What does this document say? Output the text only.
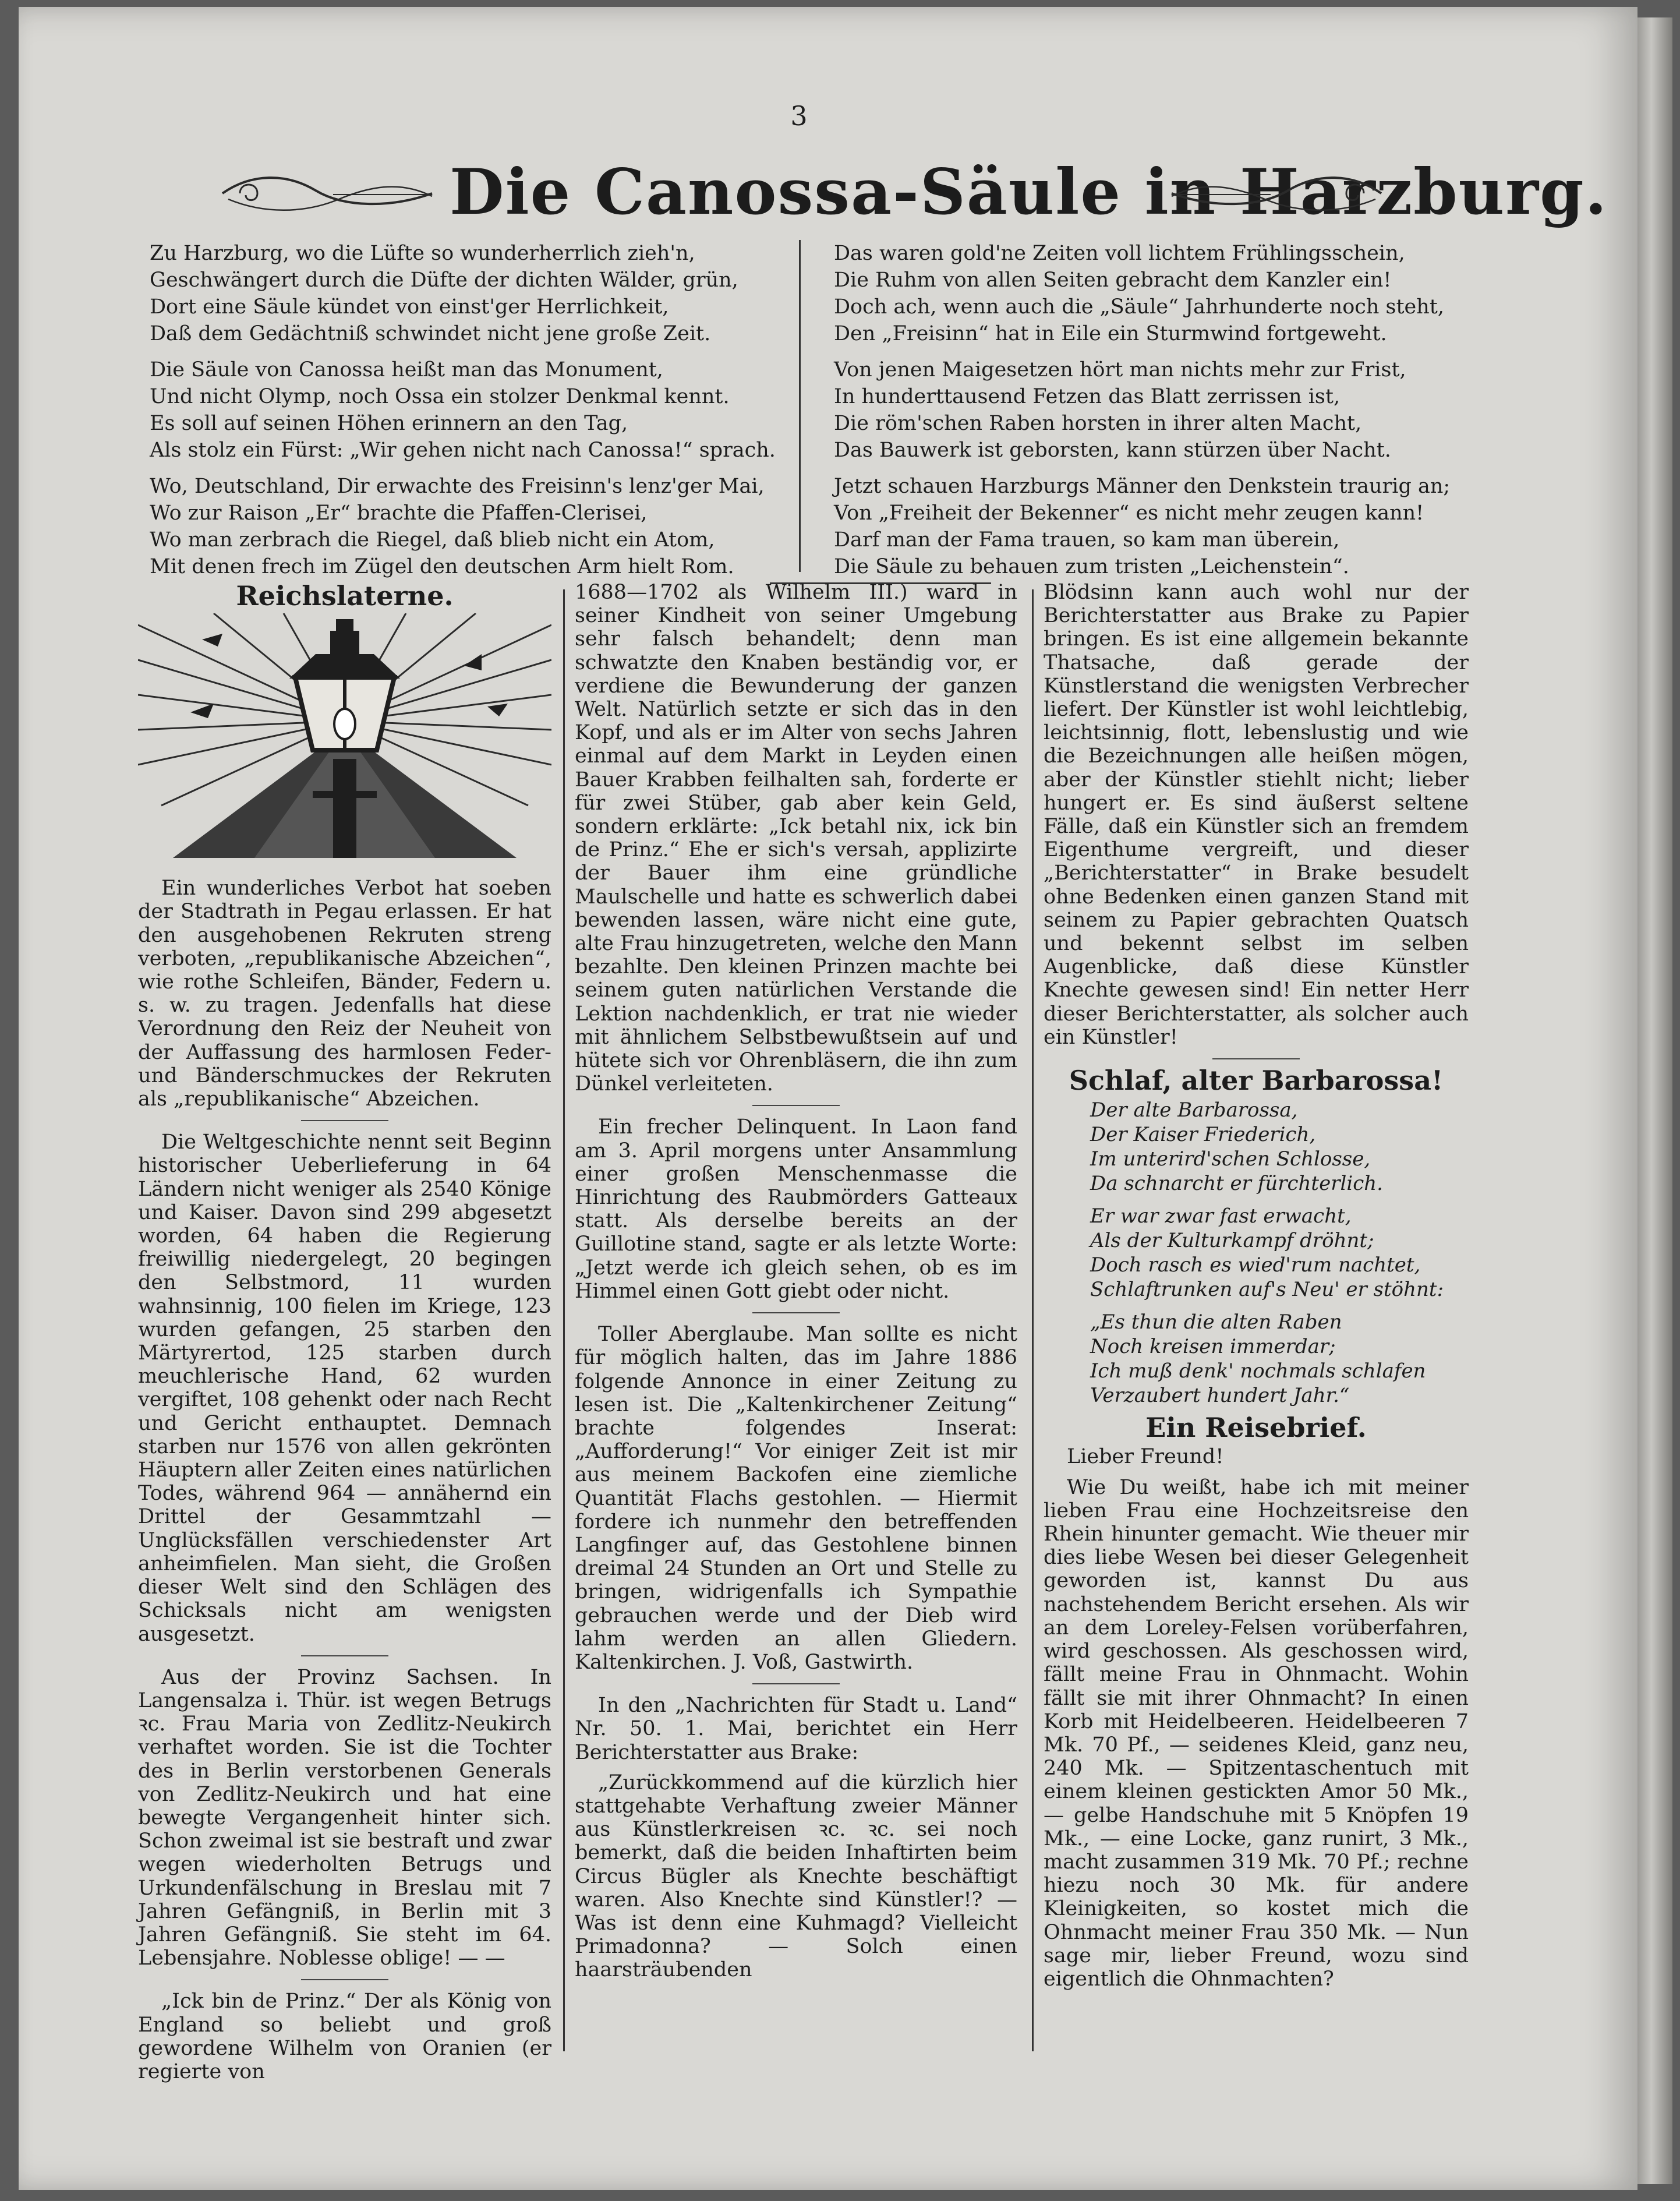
3
Die Canossa-Säule in Harzburg.
Zu Harzburg, wo die Lüfte so wunderherrlich zieh'n,
Geschwängert durch die Düfte der dichten Wälder, grün,
Dort eine Säule kündet von einst'ger Herrlichkeit,
Daß dem Gedächtniß schwindet nicht jene große Zeit.
Die Säule von Canossa heißt man das Monument,
Und nicht Olymp, noch Ossa ein stolzer Denkmal kennt.
Es soll auf seinen Höhen erinnern an den Tag,
Als stolz ein Fürst: „Wir gehen nicht nach Canossa!“ sprach.
Wo, Deutschland, Dir erwachte des Freisinn's lenz'ger Mai,
Wo zur Raison „Er“ brachte die Pfaffen-Clerisei,
Wo man zerbrach die Riegel, daß blieb nicht ein Atom,
Mit denen frech im Zügel den deutschen Arm hielt Rom.
Das waren gold'ne Zeiten voll lichtem Frühlingsschein,
Die Ruhm von allen Seiten gebracht dem Kanzler ein!
Doch ach, wenn auch die „Säule“ Jahrhunderte noch steht,
Den „Freisinn“ hat in Eile ein Sturmwind fortgeweht.
Von jenen Maigesetzen hört man nichts mehr zur Frist,
In hunderttausend Fetzen das Blatt zerrissen ist,
Die röm'schen Raben horsten in ihrer alten Macht,
Das Bauwerk ist geborsten, kann stürzen über Nacht.
Jetzt schauen Harzburgs Männer den Denkstein traurig an;
Von „Freiheit der Bekenner“ es nicht mehr zeugen kann!
Darf man der Fama trauen, so kam man überein,
Die Säule zu behauen zum tristen „Leichenstein“.
Reichslaterne.

Ein wunderliches Verbot hat soeben der Stadtrath in Pegau erlassen. Er hat den ausgehobenen Rekruten streng verboten, „republikanische Abzeichen“, wie rothe Schleifen, Bänder, Federn u. s. w. zu tragen. Jedenfalls hat diese Verordnung den Reiz der Neuheit von der Auffassung des harmlosen Feder- und Bänderschmuckes der Rekruten als „republikanische“ Abzeichen.

Die Weltgeschichte nennt seit Beginn historischer Ueberlieferung in 64 Ländern nicht weniger als 2540 Könige und Kaiser. Davon sind 299 abgesetzt worden, 64 haben die Regierung freiwillig niedergelegt, 20 begingen den Selbstmord, 11 wurden wahnsinnig, 100 fielen im Kriege, 123 wurden gefangen, 25 starben den Märtyrertod, 125 starben durch meuchlerische Hand, 62 wurden vergiftet, 108 gehenkt oder nach Recht und Gericht enthauptet. Demnach starben nur 1576 von allen gekrönten Häuptern aller Zeiten eines natürlichen Todes, während 964 — annähernd ein Drittel der Gesammtzahl — Unglücksfällen verschiedenster Art anheimfielen. Man sieht, die Großen dieser Welt sind den Schlägen des Schicksals nicht am wenigsten ausgesetzt.

Aus der Provinz Sachsen. In Langensalza i. Thür. ist wegen Betrugs ꝛc. Frau Maria von Zedlitz-Neukirch verhaftet worden. Sie ist die Tochter des in Berlin verstorbenen Generals von Zedlitz-Neukirch und hat eine bewegte Vergangenheit hinter sich. Schon zweimal ist sie bestraft und zwar wegen wiederholten Betrugs und Urkundenfälschung in Breslau mit 7 Jahren Gefängniß, in Berlin mit 3 Jahren Gefängniß. Sie steht im 64. Lebensjahre. Noblesse oblige! — —

„Ick bin de Prinz.“ Der als König von England so beliebt und groß gewordene Wilhelm von Oranien (er regierte von

1688—1702 als Wilhelm III.) ward in seiner Kindheit von seiner Umgebung sehr falsch behandelt; denn man schwatzte den Knaben beständig vor, er verdiene die Bewunderung der ganzen Welt. Natürlich setzte er sich das in den Kopf, und als er im Alter von sechs Jahren einmal auf dem Markt in Leyden einen Bauer Krabben feilhalten sah, forderte er für zwei Stüber, gab aber kein Geld, sondern erklärte: „Ick betahl nix, ick bin de Prinz.“ Ehe er sich's versah, applizirte der Bauer ihm eine gründliche Maulschelle und hatte es schwerlich dabei bewenden lassen, wäre nicht eine gute, alte Frau hinzugetreten, welche den Mann bezahlte. Den kleinen Prinzen machte bei seinem guten natürlichen Verstande die Lektion nachdenklich, er trat nie wieder mit ähnlichem Selbstbewußtsein auf und hütete sich vor Ohrenbläsern, die ihn zum Dünkel verleiteten.

Ein frecher Delinquent. In Laon fand am 3. April morgens unter Ansammlung einer großen Menschenmasse die Hinrichtung des Raubmörders Gatteaux statt. Als derselbe bereits an der Guillotine stand, sagte er als letzte Worte: „Jetzt werde ich gleich sehen, ob es im Himmel einen Gott giebt oder nicht.

Toller Aberglaube. Man sollte es nicht für möglich halten, das im Jahre 1886 folgende Annonce in einer Zeitung zu lesen ist. Die „Kaltenkirchener Zeitung“ brachte folgendes Inserat: „Aufforderung!“ Vor einiger Zeit ist mir aus meinem Backofen eine ziemliche Quantität Flachs gestohlen. — Hiermit fordere ich nunmehr den betreffenden Langfinger auf, das Gestohlene binnen dreimal 24 Stunden an Ort und Stelle zu bringen, widrigenfalls ich Sympathie gebrauchen werde und der Dieb wird lahm werden an allen Gliedern. Kaltenkirchen. J. Voß, Gastwirth.

In den „Nachrichten für Stadt u. Land“ Nr. 50. 1. Mai, berichtet ein Herr Berichterstatter aus Brake:

„Zurückkommend auf die kürzlich hier stattgehabte Verhaftung zweier Männer aus Künstlerkreisen ꝛc. ꝛc. sei noch bemerkt, daß die beiden Inhaftirten beim Circus Bügler als Knechte beschäftigt waren. Also Knechte sind Künstler!? — Was ist denn eine Kuhmagd? Vielleicht Primadonna? — Solch einen haarsträubenden

Blödsinn kann auch wohl nur der Berichterstatter aus Brake zu Papier bringen. Es ist eine allgemein bekannte Thatsache, daß gerade der Künstlerstand die wenigsten Verbrecher liefert. Der Künstler ist wohl leichtlebig, leichtsinnig, flott, lebenslustig und wie die Bezeichnungen alle heißen mögen, aber der Künstler stiehlt nicht; lieber hungert er. Es sind äußerst seltene Fälle, daß ein Künstler sich an fremdem Eigenthume vergreift, und dieser „Berichterstatter“ in Brake besudelt ohne Bedenken einen ganzen Stand mit seinem zu Papier gebrachten Quatsch und bekennt selbst im selben Augenblicke, daß diese Künstler Knechte gewesen sind! Ein netter Herr dieser Berichterstatter, als solcher auch ein Künstler!

Schlaf, alter Barbarossa!
Der alte Barbarossa,
Der Kaiser Friederich,
Im unterird'schen Schlosse,
Da schnarcht er fürchterlich.
Er war zwar fast erwacht,
Als der Kulturkampf dröhnt;
Doch rasch es wied'rum nachtet,
Schlaftrunken auf's Neu' er stöhnt:
„Es thun die alten Raben
Noch kreisen immerdar;
Ich muß denk' nochmals schlafen
Verzaubert hundert Jahr.“
Ein Reisebrief.

Lieber Freund!

Wie Du weißt, habe ich mit meiner lieben Frau eine Hochzeitsreise den Rhein hinunter gemacht. Wie theuer mir dies liebe Wesen bei dieser Gelegenheit geworden ist, kannst Du aus nachstehendem Bericht ersehen. Als wir an dem Loreley-Felsen vorüberfahren, wird geschossen. Als geschossen wird, fällt meine Frau in Ohnmacht. Wohin fällt sie mit ihrer Ohnmacht? In einen Korb mit Heidelbeeren. Heidelbeeren 7 Mk. 70 Pf., — seidenes Kleid, ganz neu, 240 Mk. — Spitzentaschentuch mit einem kleinen gestickten Amor 50 Mk., — gelbe Handschuhe mit 5 Knöpfen 19 Mk., — eine Locke, ganz runirt, 3 Mk., macht zusammen 319 Mk. 70 Pf.; rechne hiezu noch 30 Mk. für andere Kleinigkeiten, so kostet mich die Ohnmacht meiner Frau 350 Mk. — Nun sage mir, lieber Freund, wozu sind eigentlich die Ohnmachten?
